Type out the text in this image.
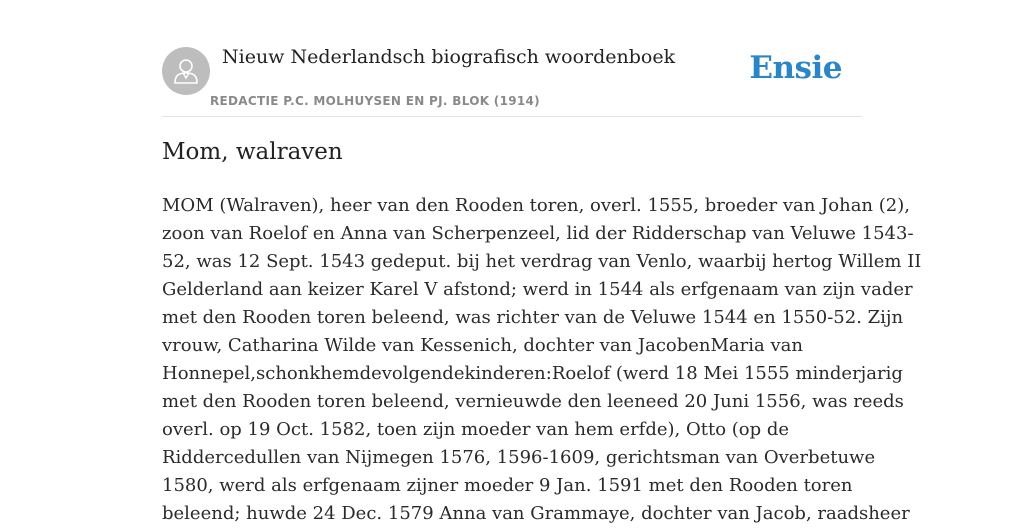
Nieuw Nederlandsch biografisch woordenboek
REDACTIE P.C. MOLHUYSEN EN PJ. BLOK (1914)
Ensie
Mom, walraven
MOM (Walraven), heer van den Rooden toren, overl. 1555, broeder van Johan (2),
zoon van Roelof en Anna van Scherpenzeel, lid der Ridderschap van Veluwe 1543-
52, was 12 Sept. 1543 gedeput. bij het verdrag van Venlo, waarbij hertog Willem II
Gelderland aan keizer Karel V afstond; werd in 1544 als erfgenaam van zijn vader
met den Rooden toren beleend, was richter van de Veluwe 1544 en 1550-52. Zijn
vrouw, Catharina Wilde van Kessenich, dochter van JacobenMaria van
Honnepel,schonkhemdevolgendekinderen:Roelof (werd 18 Mei 1555 minderjarig
met den Rooden toren beleend, vernieuwde den leeneed 20 Juni 1556, was reeds
overl. op 19 Oct. 1582, toen zijn moeder van hem erfde), Otto (op de
Riddercedullen van Nijmegen 1576, 1596-1609, gerichtsman van Overbetuwe
1580, werd als erfgenaam zijner moeder 9 Jan. 1591 met den Rooden toren
beleend; huwde 24 Dec. 1579 Anna van Grammaye, dochter van Jacob, raadsheer
